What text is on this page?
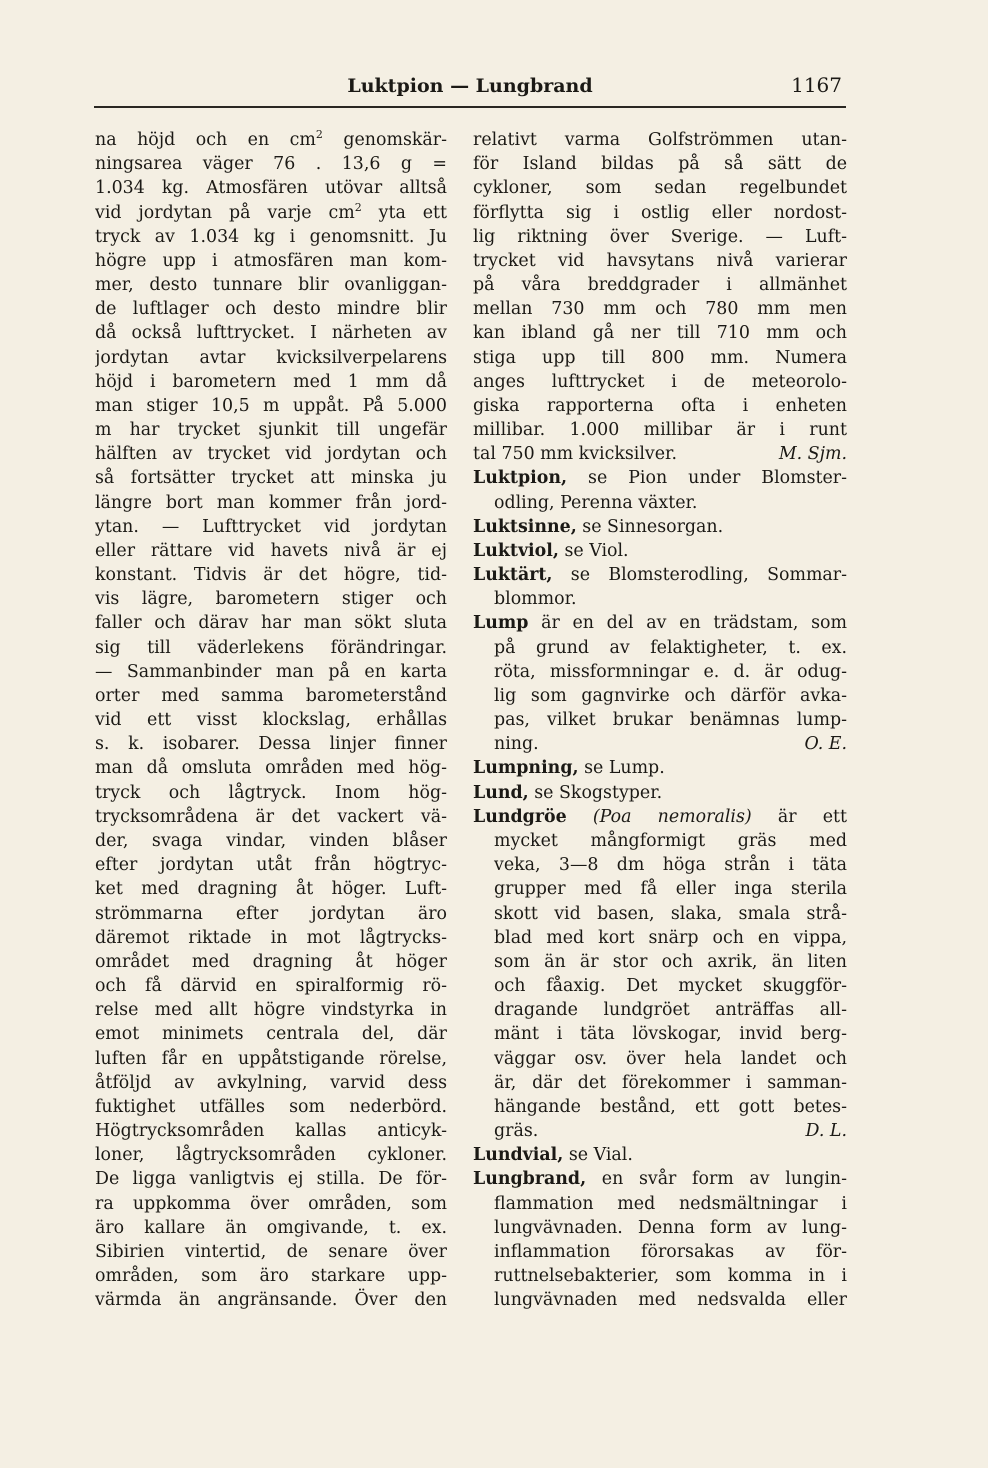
Luktpion — Lungbrand	1167
na höjd och en $cm^2$ genomskär-
ningsarea väger 76 . 13,6 g =
1.034 kg. Atmosfären utövar alltså
vid jordytan på varje $cm^2$ yta ett
tryck av 1.034 kg i genomsnitt. Ju
högre upp i atmosfären man kom-
mer, desto tunnare blir ovanliggan-
de luftlager och desto mindre blir
då också lufttrycket. I närheten av
jordytan avtar kvicksilverpelarens
höjd i barometern med 1 mm då
man stiger 10,5 m uppåt. På 5.000
m har trycket sjunkit till ungefär
hälften av trycket vid jordytan och
så fortsätter trycket att minska ju
längre bort man kommer från jord-
ytan. — Lufttrycket vid jordytan
eller rättare vid havets nivå är ej
konstant. Tidvis är det högre, tid-
vis lägre, barometern stiger och
faller och därav har man sökt sluta
sig till väderlekens förändringar.
— Sammanbinder man på en karta
orter med samma barometerstånd
vid ett visst klockslag, erhållas
s. k. isobarer. Dessa linjer finner
man då omsluta områden med hög-
tryck och lågtryck. Inom hög-
trycksområdena är det vackert vä-
der, svaga vindar, vinden blåser
efter jordytan utåt från högtryc-
ket med dragning åt höger. Luft-
strömmarna efter jordytan äro
däremot riktade in mot lågtrycks-
området med dragning åt höger
och få därvid en spiralformig rö-
relse med allt högre vindstyrka in
emot minimets centrala del, där
luften får en uppåtstigande rörelse,
åtföljd av avkylning, varvid dess
fuktighet utfälles som nederbörd.
Högtrycksområden kallas anticyk-
loner, lågtrycksområden cykloner.
De ligga vanligtvis ej stilla. De för-
ra uppkomma över områden, som
äro kallare än omgivande, t. ex.
Sibirien vintertid, de senare över
områden, som äro starkare upp-
värmda än angränsande. Över den
relativt varma Golfströmmen utan-
för Island bildas på så sätt de
cykloner, som sedan regelbundet
förflytta sig i ostlig eller nordost-
lig riktning över Sverige. — Luft-
trycket vid havsytans nivå varierar
på våra breddgrader i allmänhet
mellan 730 mm och 780 mm men
kan ibland gå ner till 710 mm och
stiga upp till 800 mm. Numera
anges lufttrycket i de meteorolo-
giska rapporterna ofta i enheten
millibar. 1.000 millibar är i runt
tal 750 mm kvicksilver.	M. Sjm.
Luktpion, se Pion under Blomster-
odling, Perenna växter.
Luktsinne, se Sinnesorgan.
Luktviol, se Viol.
Luktärt, se Blomsterodling, Sommar-
blommor.
Lump är en del av en trädstam, som
på grund av felaktigheter, t. ex.
röta, missformningar e. d. är odug-
lig som gagnvirke och därför avka-
pas, vilket brukar benämnas lump-
ning.	O. E.
Lumpning, se Lump.
Lund, se Skogstyper.
Lundgröe (Poa nemoralis) är ett
mycket mångformigt gräs med
veka, 3—8 dm höga strån i täta
grupper med få eller inga sterila
skott vid basen, slaka, smala strå-
blad med kort snärp och en vippa,
som än är stor och axrik, än liten
och fåaxig. Det mycket skuggför-
dragande lundgröet anträffas all-
mänt i täta lövskogar, invid berg-
väggar osv. över hela landet och
är, där det förekommer i samman-
hängande bestånd, ett gott betes-
gräs.	D. L.
Lundvial, se Vial.
Lungbrand, en svår form av lungin-
flammation med nedsmältningar i
lungvävnaden. Denna form av lung-
inflammation förorsakas av för-
ruttnelsebakterier, som komma in i
lungvävnaden med nedsvalda eller
